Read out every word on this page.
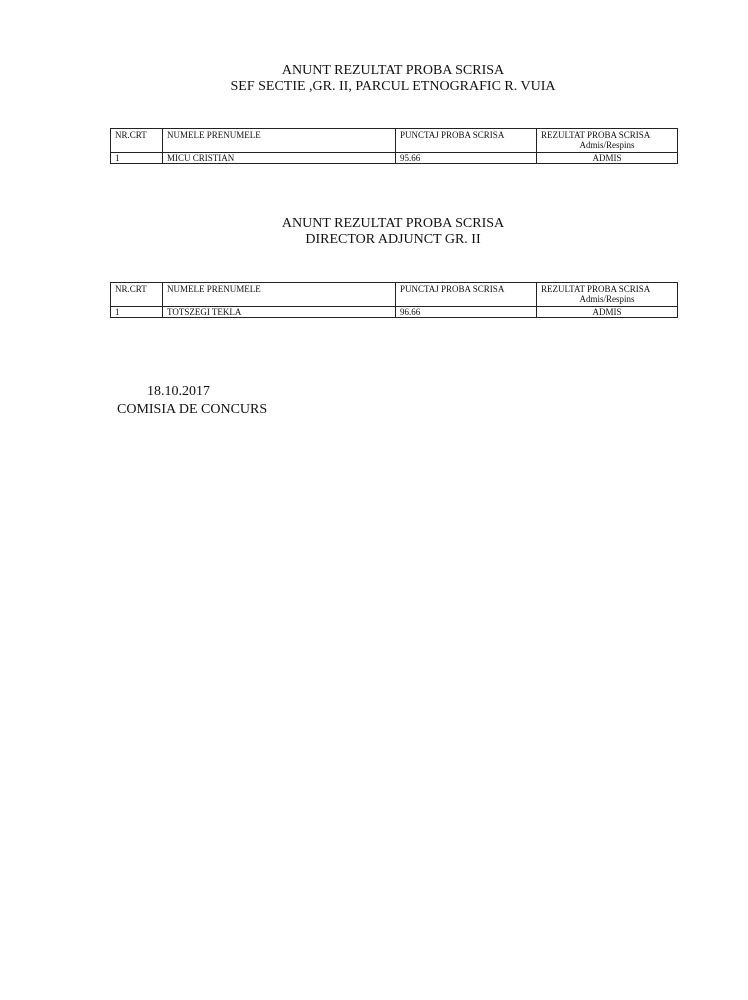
ANUNT REZULTAT PROBA SCRISA
SEF SECTIE ,GR. II, PARCUL ETNOGRAFIC R. VUIA
NR.CRT	NUMELE PRENUMELE	PUNCTAJ PROBA SCRISA	REZULTAT PROBA SCRISA
Admis/Respins

1	MICU CRISTIAN	95.66	ADMIS
ANUNT REZULTAT PROBA SCRISA
DIRECTOR ADJUNCT GR. II
NR.CRT	NUMELE PRENUMELE	PUNCTAJ PROBA SCRISA	REZULTAT PROBA SCRISA
Admis/Respins

1	TOTSZEGI TEKLA	96.66	ADMIS
18.10.2017
COMISIA DE CONCURS
